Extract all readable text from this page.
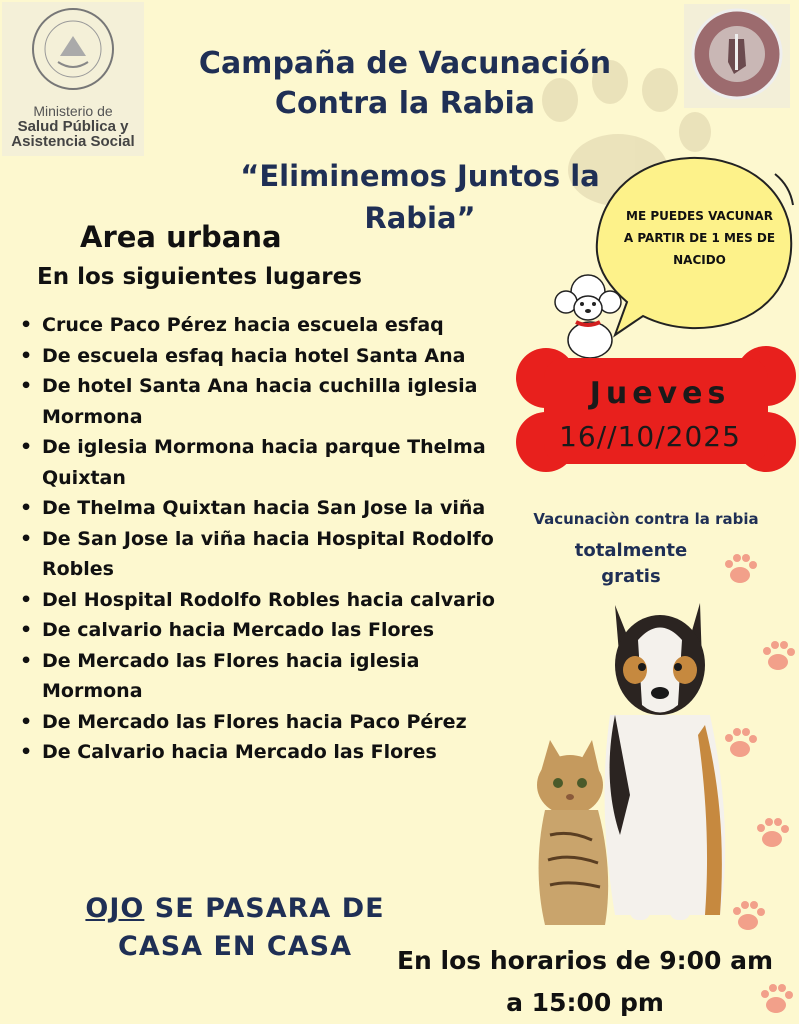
Ministerio de
Salud Pública y
Asistencia Social
Campaña de Vacunación
Contra la Rabia
“Eliminemos Juntos la
Rabia”
Area urbana
En los siguientes lugares
• Cruce Paco Pérez hacia escuela esfaq
• De escuela esfaq hacia hotel Santa Ana
• De hotel Santa Ana hacia cuchilla iglesia Mormona
• De iglesia Mormona hacia parque Thelma Quixtan
• De Thelma Quixtan hacia San Jose la viña
• De San Jose la viña hacia Hospital Rodolfo Robles
• Del Hospital Rodolfo Robles hacia calvario
• De calvario hacia Mercado las Flores
• De Mercado las Flores hacia iglesia Mormona
• De Mercado las Flores hacia Paco Pérez
• De Calvario hacia Mercado las Flores
ME PUEDES VACUNAR
A PARTIR DE 1 MES DE
NACIDO
Jueves
16//10/2025
Vacunaciòn contra la rabia
totalmente
gratis
OJO SE PASARA DE
CASA EN CASA	En los horarios de 9:00 am
a 15:00 pm
